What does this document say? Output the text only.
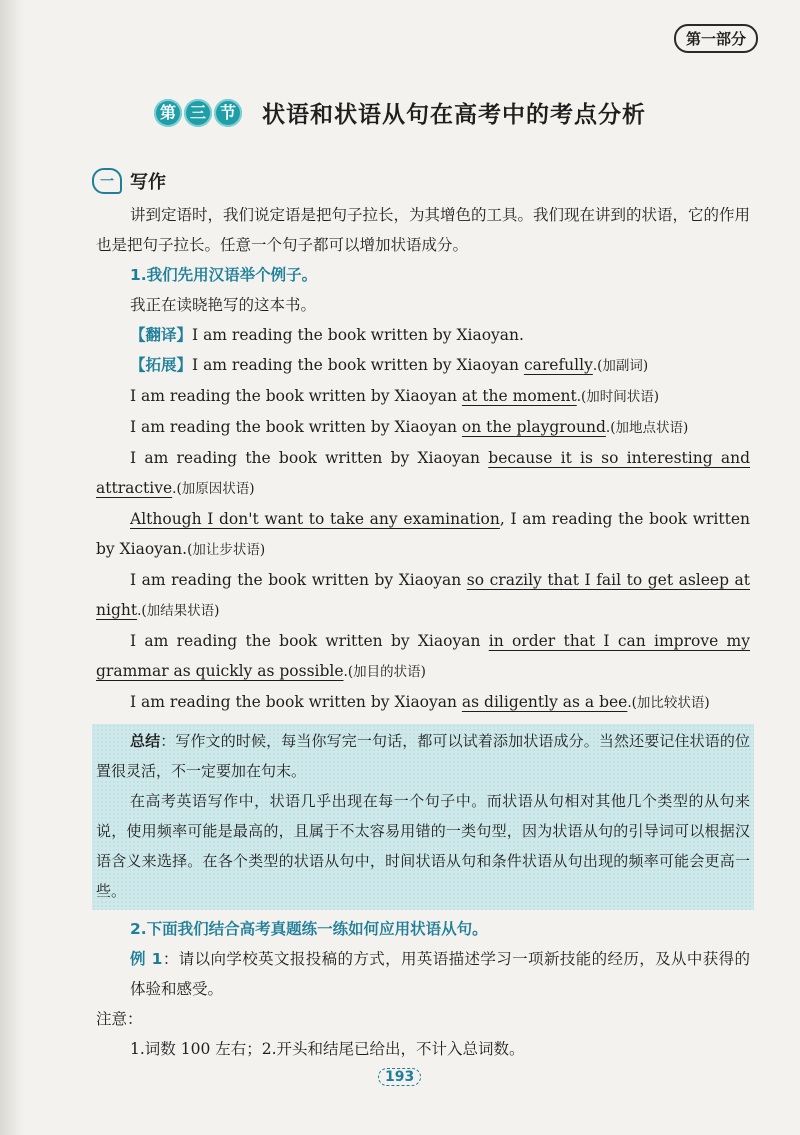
第一部分
第 三 节 状语和状语从句在高考中的考点分析
一 写作

讲到定语时，我们说定语是把句子拉长，为其增色的工具。我们现在讲到的状语，它的作用也是把句子拉长。任意一个句子都可以增加状语成分。

1.我们先用汉语举个例子。

我正在读晓艳写的这本书。

【翻译】I am reading the book written by Xiaoyan.

【拓展】I am reading the book written by Xiaoyan carefully.(加副词)

I am reading the book written by Xiaoyan at the moment.(加时间状语)

I am reading the book written by Xiaoyan on the playground.(加地点状语)

I am reading the book written by Xiaoyan because it is so interesting and attractive.(加原因状语)

Although I don't want to take any examination, I am reading the book written by Xiaoyan.(加让步状语)

I am reading the book written by Xiaoyan so crazily that I fail to get asleep at night.(加结果状语)

I am reading the book written by Xiaoyan in order that I can improve my grammar as quickly as possible.(加目的状语)

I am reading the book written by Xiaoyan as diligently as a bee.(加比较状语)

总结：写作文的时候，每当你写完一句话，都可以试着添加状语成分。当然还要记住状语的位置很灵活，不一定要加在句末。

在高考英语写作中，状语几乎出现在每一个句子中。而状语从句相对其他几个类型的从句来说，使用频率可能是最高的，且属于不太容易用错的一类句型，因为状语从句的引导词可以根据汉语含义来选择。在各个类型的状语从句中，时间状语从句和条件状语从句出现的频率可能会更高一些。

2.下面我们结合高考真题练一练如何应用状语从句。

例 1：请以向学校英文报投稿的方式，用英语描述学习一项新技能的经历，及从中获得的体验和感受。

注意：

1.词数 100 左右；2.开头和结尾已给出，不计入总词数。

193
